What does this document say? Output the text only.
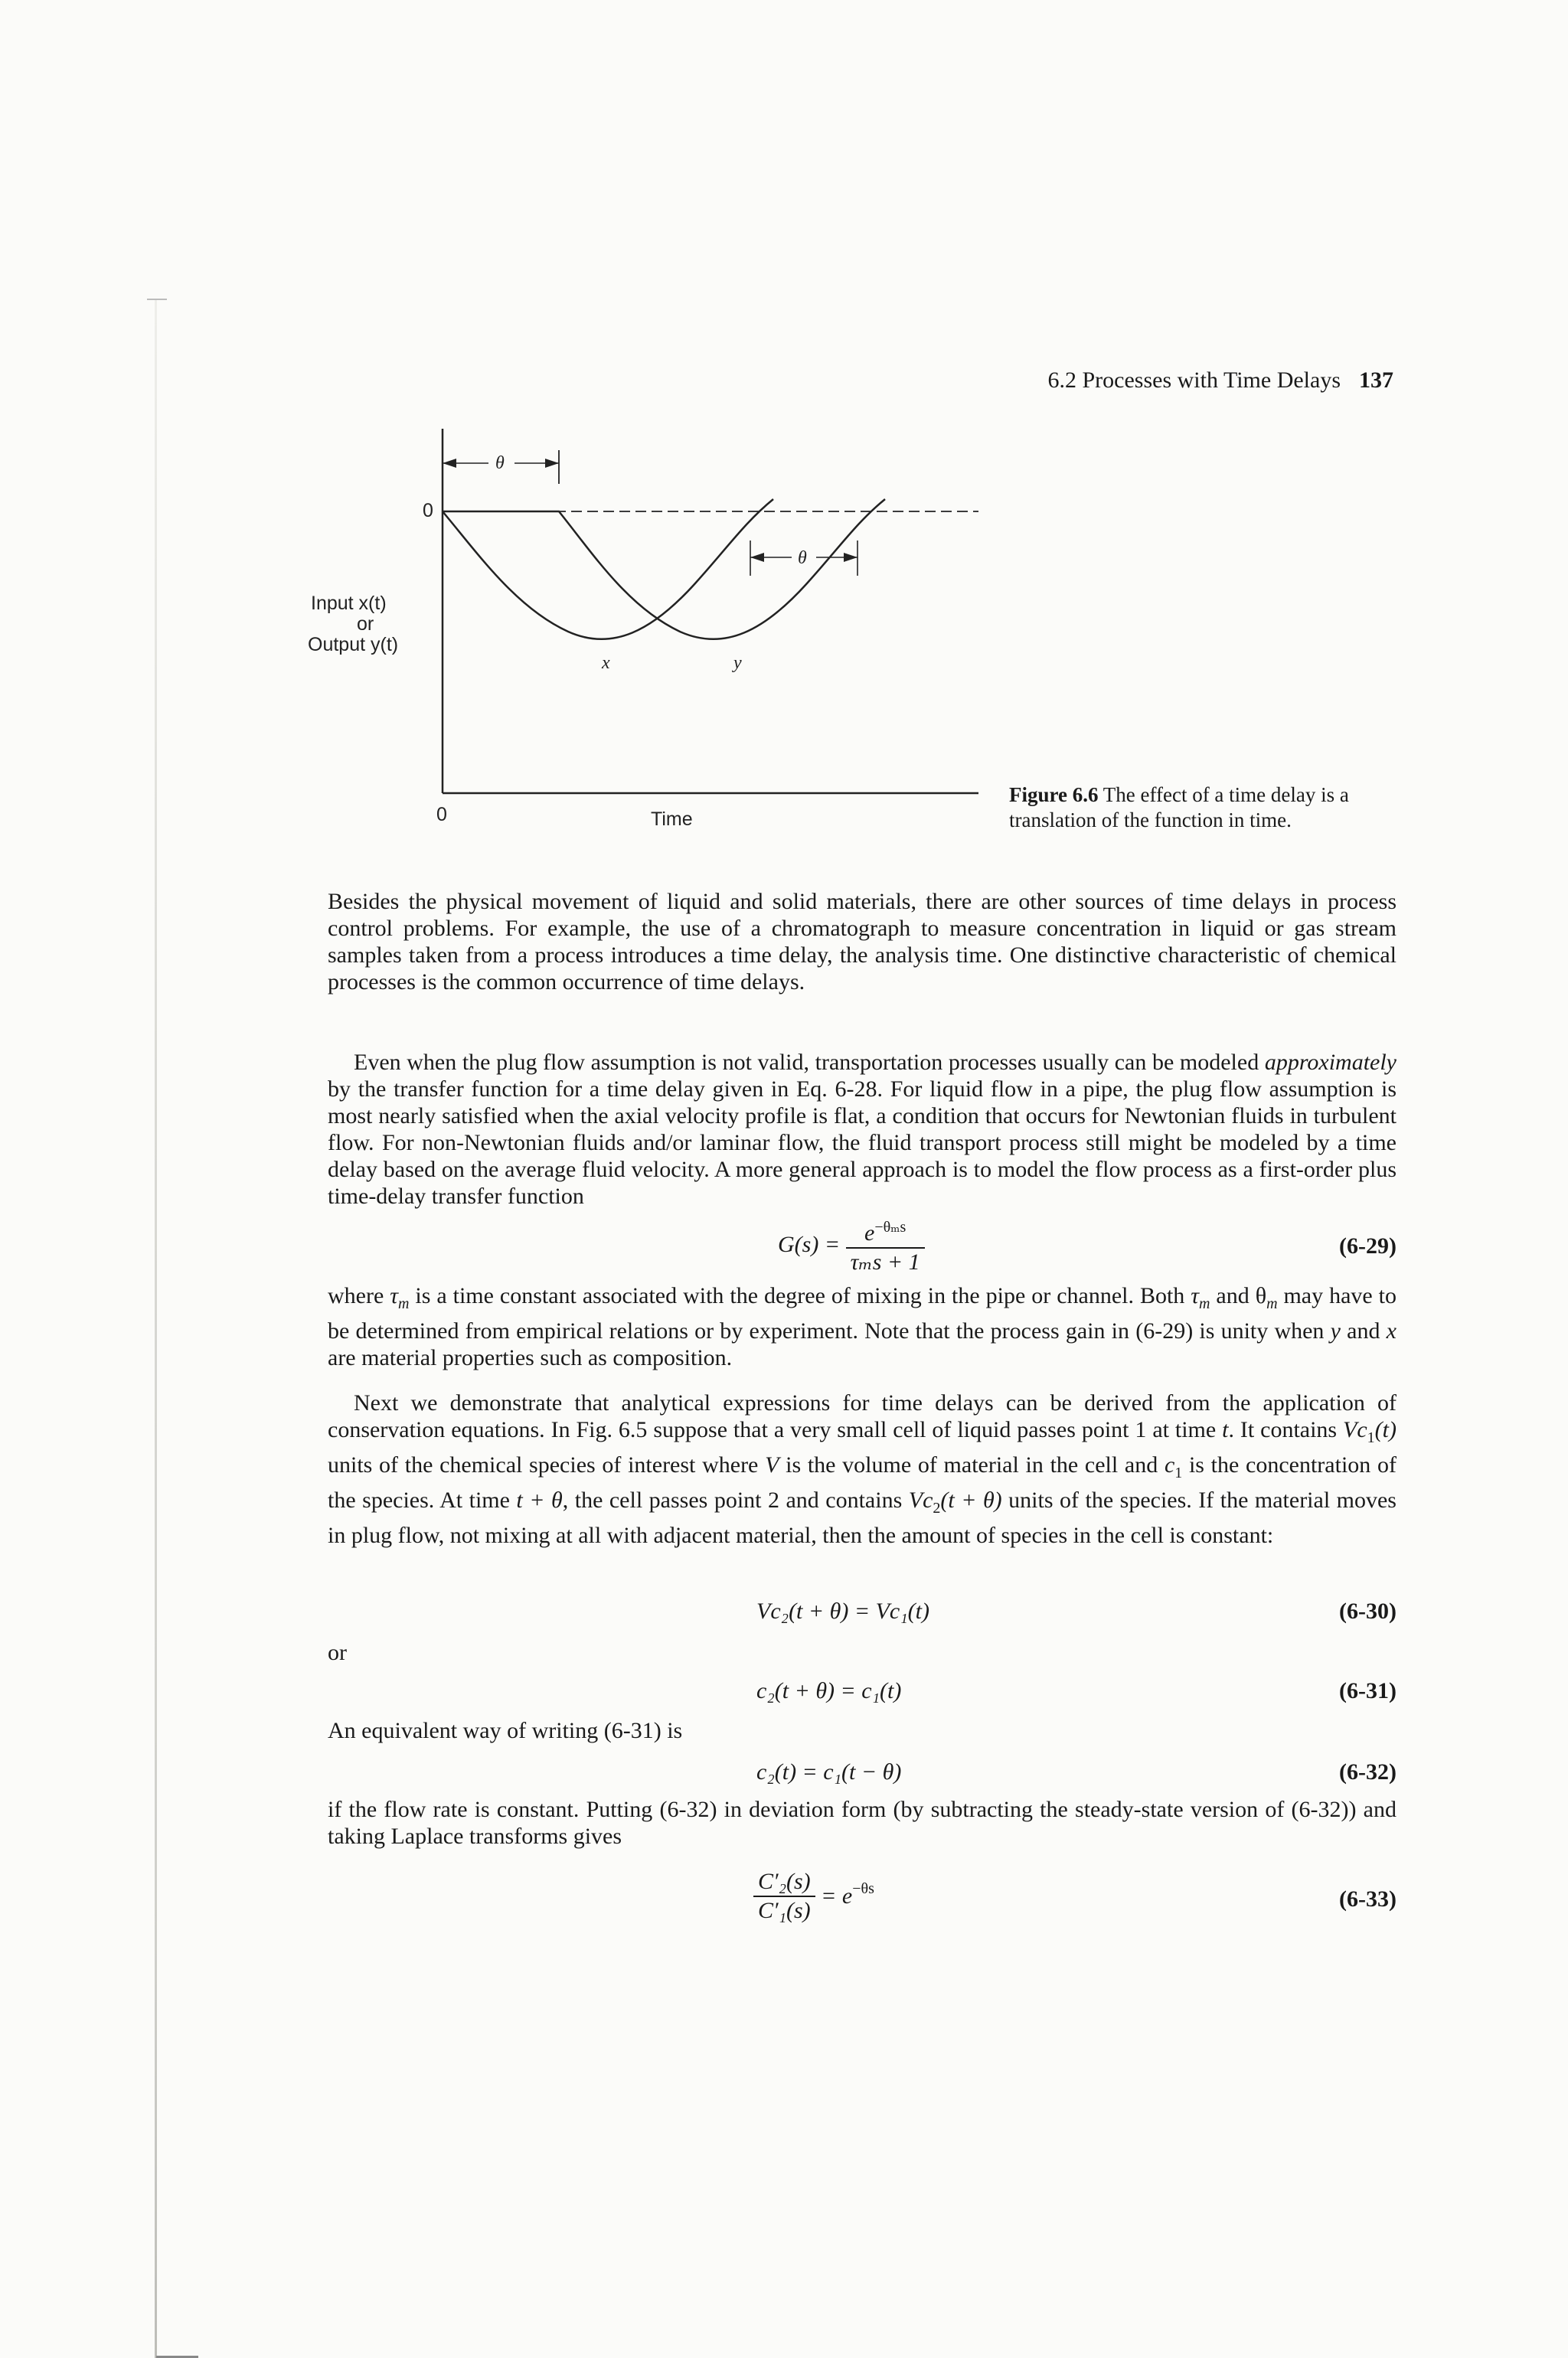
6.2 Processes with Time Delays 137
Input x(t)
or
Output y(t)
0
0	Time
θ
θ
x	y
Figure 6.6 The effect of a time delay is a translation of the function in time.

Besides the physical movement of liquid and solid materials, there are other sources of time delays in process control problems. For example, the use of a chromatograph to measure concentration in liquid or gas stream samples taken from a process introduces a time delay, the analysis time. One distinctive characteristic of chemical processes is the common occurrence of time delays.

Even when the plug flow assumption is not valid, transportation processes usually can be modeled approximately by the transfer function for a time delay given in Eq. 6-28. For liquid flow in a pipe, the plug flow assumption is most nearly satisfied when the axial velocity profile is flat, a condition that occurs for Newtonian fluids in turbulent flow. For non-Newtonian fluids and/or laminar flow, the fluid transport process still might be modeled by a time delay based on the average fluid velocity. A more general approach is to model the flow process as a first-order plus time-delay transfer function

$G(s) = \frac{e^{-\theta_ms}}{\text{τₘs + 1}}$	(6-29)

where $\tau_m$ is a time constant associated with the degree of mixing in the pipe or channel. Both $\tau_m$ and $\theta_m$ may have to be determined from empirical relations or by experiment. Note that the process gain in (6-29) is unity when y and x are material properties such as composition.

Next we demonstrate that analytical expressions for time delays can be derived from the application of conservation equations. In Fig. 6.5 suppose that a very small cell of liquid passes point 1 at time t. It contains $Vc_1(t)$ units of the chemical species of interest where V is the volume of material in the cell and $c_1$ is the concentration of the species. At time t + θ, the cell passes point 2 and contains $Vc_2(t + \theta)$ units of the species. If the material moves in plug flow, not mixing at all with adjacent material, then the amount of species in the cell is constant:

Vc₂(t + θ) = Vc₁(t)	(6-30)
or
c₂(t + θ) = c₁(t)	(6-31)
An equivalent way of writing (6-31) is
c₂(t) = c₁(t − θ)	(6-32)

if the flow rate is constant. Putting (6-32) in deviation form (by subtracting the steady-state version of (6-32)) and taking Laplace transforms gives

$\frac{\text{C′₂(s)}}{\text{C′₁(s)}} = e^{-\theta s}$	(6-33)
